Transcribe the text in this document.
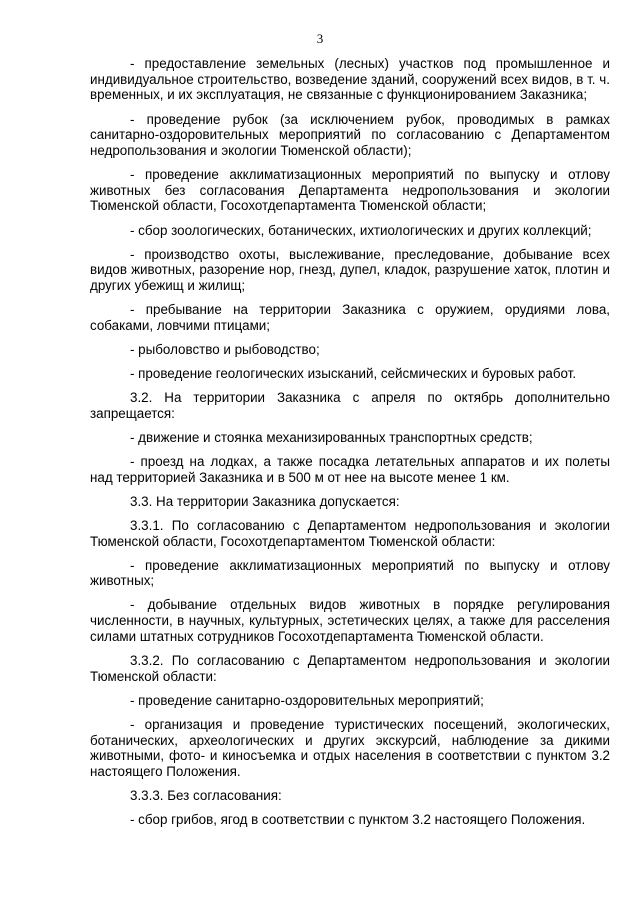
3

- предоставление земельных (лесных) участков под промышленное и индивидуальное строительство, возведение зданий, сооружений всех видов, в т. ч. временных, и их эксплуатация, не связанные с функционированием Заказника;

- проведение рубок (за исключением рубок, проводимых в рамках санитарно-оздоровительных мероприятий по согласованию с Департаментом недропользования и экологии Тюменской области);

- проведение акклиматизационных мероприятий по выпуску и отлову животных без согласования Департамента недропользования и экологии Тюменской области, Госохотдепартамента Тюменской области;

- сбор зоологических, ботанических, ихтиологических и других коллекций;

- производство охоты, выслеживание, преследование, добывание всех видов животных, разорение нор, гнезд, дупел, кладок, разрушение хаток, плотин и других убежищ и жилищ;

- пребывание на территории Заказника с оружием, орудиями лова, собаками, ловчими птицами;

- рыболовство и рыбоводство;

- проведение геологических изысканий, сейсмических и буровых работ.

3.2. На территории Заказника с апреля по октябрь дополнительно запрещается:

- движение и стоянка механизированных транспортных средств;

- проезд на лодках, а также посадка летательных аппаратов и их полеты над территорией Заказника и в 500 м от нее на высоте менее 1 км.

3.3. На территории Заказника допускается:

3.3.1. По согласованию с Департаментом недропользования и экологии Тюменской области, Госохотдепартаментом Тюменской области:

- проведение акклиматизационных мероприятий по выпуску и отлову животных;

- добывание отдельных видов животных в порядке регулирования численности, в научных, культурных, эстетических целях, а также для расселения силами штатных сотрудников Госохотдепартамента Тюменской области.

3.3.2. По согласованию с Департаментом недропользования и экологии Тюменской области:

- проведение санитарно-оздоровительных мероприятий;

- организация и проведение туристических посещений, экологических, ботанических, археологических и других экскурсий, наблюдение за дикими животными, фото- и киносъемка и отдых населения в соответствии с пунктом 3.2 настоящего Положения.

3.3.3. Без согласования:

- сбор грибов, ягод в соответствии с пунктом 3.2 настоящего Положения.
